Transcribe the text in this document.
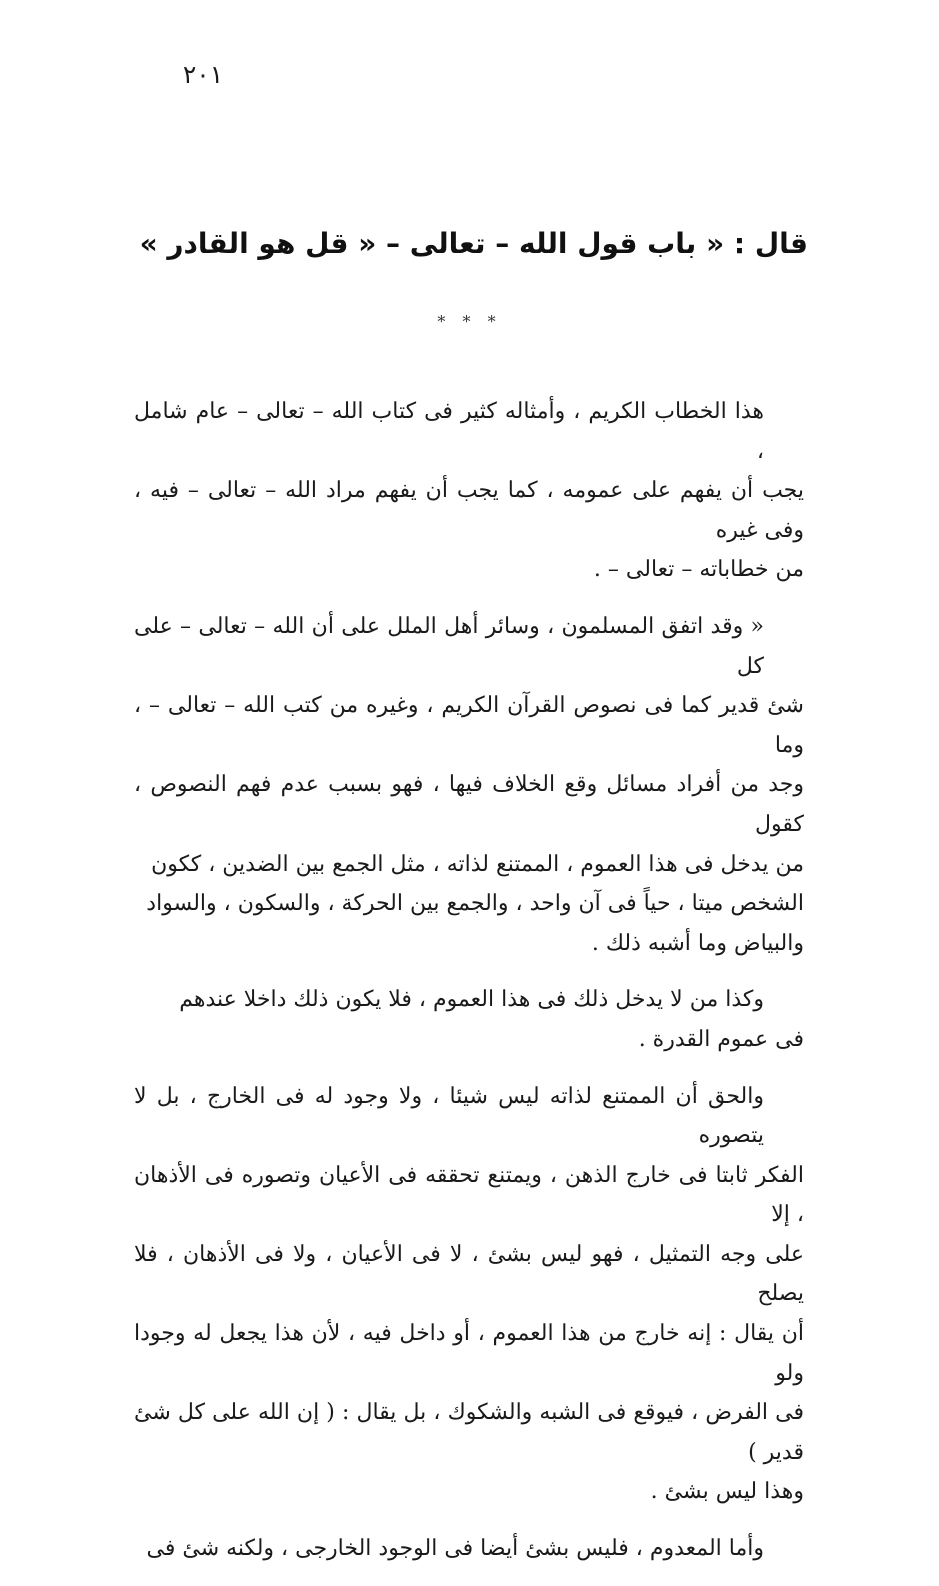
٢٠١
قال : « باب قول الله – تعالى – « قل هو القادر »
* * *

هذا الخطاب الكريم ، وأمثاله كثير فى كتاب الله – تعالى – عام شامل ،
يجب أن يفهم على عمومه ، كما يجب أن يفهم مراد الله – تعالى – فيه ، وفى غيره
من خطاباته – تعالى – .

« وقد اتفق المسلمون ، وسائر أهل الملل على أن الله – تعالى – على كل
شئ قدير كما فى نصوص القرآن الكريم ، وغيره من كتب الله – تعالى – ، وما
وجد من أفراد مسائل وقع الخلاف فيها ، فهو بسبب عدم فهم النصوص ، كقول
من يدخل فى هذا العموم ، الممتنع لذاته ، مثل الجمع بين الضدين ، ككون
الشخص ميتا ، حياً فى آن واحد ، والجمع بين الحركة ، والسكون ، والسواد
والبياض وما أشبه ذلك .

وكذا من لا يدخل ذلك فى هذا العموم ، فلا يكون ذلك داخلا عندهم
فى عموم القدرة .

والحق أن الممتنع لذاته ليس شيئا ، ولا وجود له فى الخارج ، بل لا يتصوره
الفكر ثابتا فى خارج الذهن ، ويمتنع تحققه فى الأعيان وتصوره فى الأذهان ، إلا
على وجه التمثيل ، فهو ليس بشئ ، لا فى الأعيان ، ولا فى الأذهان ، فلا يصلح
أن يقال : إنه خارج من هذا العموم ، أو داخل فيه ، لأن هذا يجعل له وجودا ولو
فى الفرض ، فيوقع فى الشبه والشكوك ، بل يقال : ( إن الله على كل شئ قدير )
وهذا ليس بشئ .

وأما المعدوم ، فليس بشئ أيضا فى الوجود الخارجى ، ولكنه شئ فى
